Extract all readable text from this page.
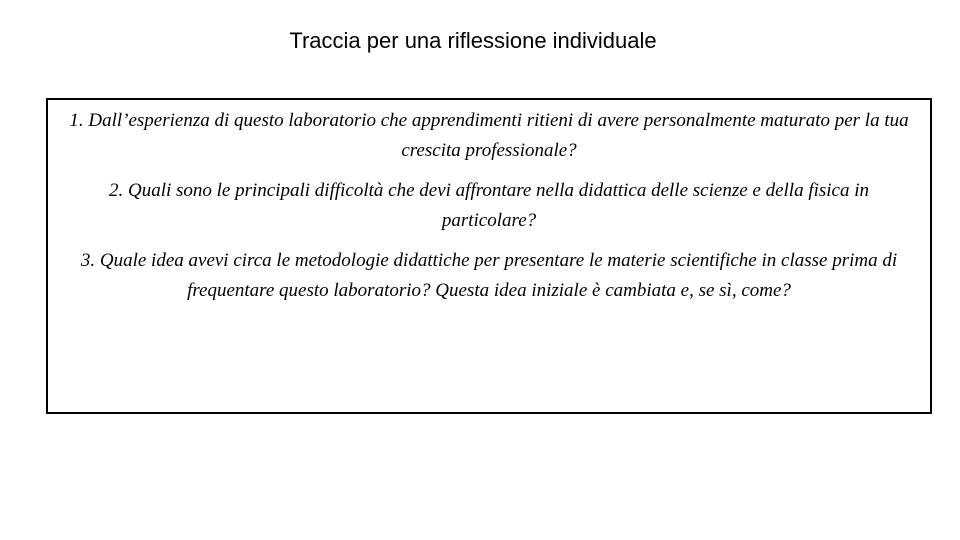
Traccia per una riflessione individuale

1. Dall’esperienza di questo laboratorio che apprendimenti ritieni di avere personalmente maturato per la tua crescita professionale?

2. Quali sono le principali difficoltà che devi affrontare nella didattica delle scienze e della fisica in particolare?

3. Quale idea avevi circa le metodologie didattiche per presentare le materie scientifiche in classe prima di frequentare questo laboratorio? Questa idea iniziale è cambiata e, se sì, come?
